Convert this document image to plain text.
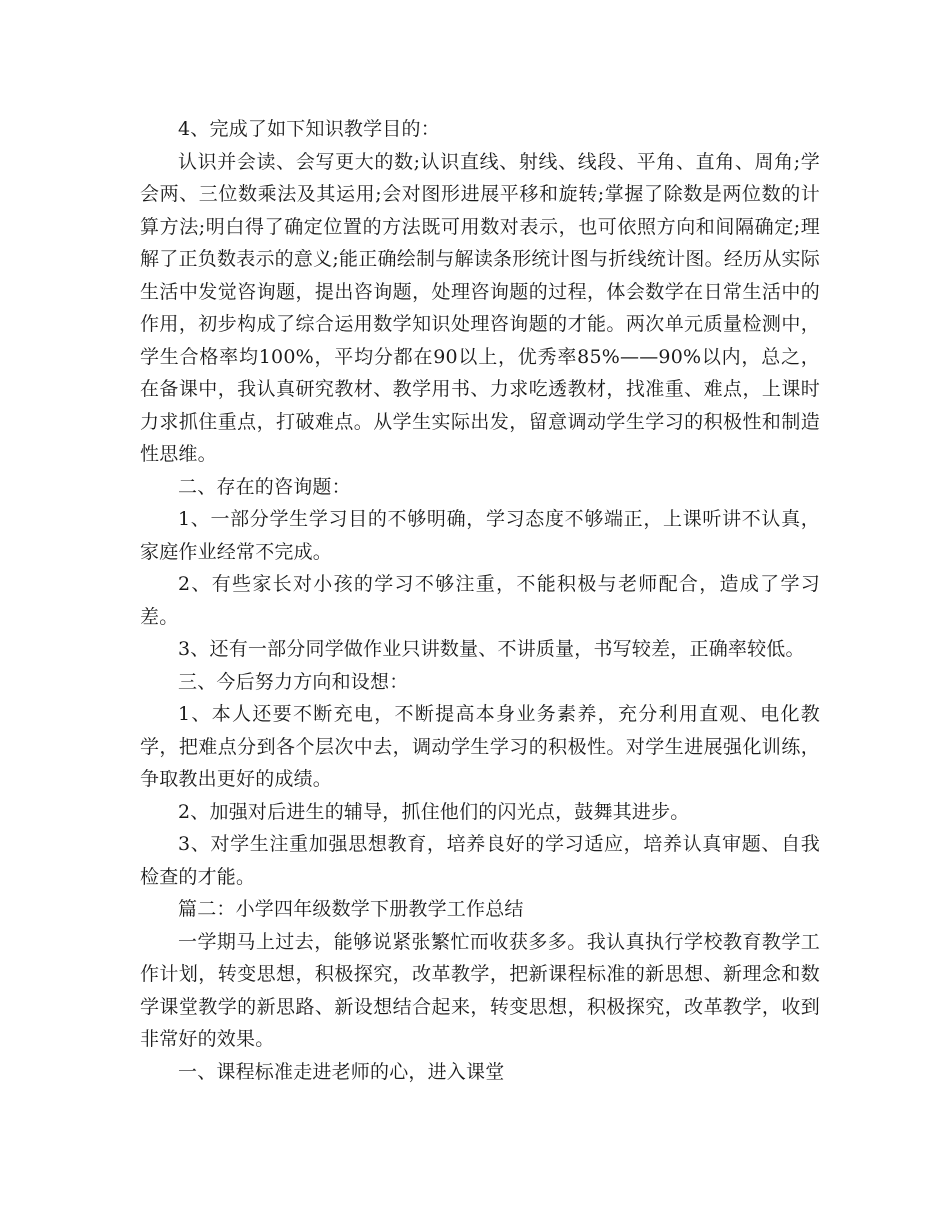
4、完成了如下知识教学目的：

认识并会读、会写更大的数;认识直线、射线、线段、平角、直角、周角;学会两、三位数乘法及其运用;会对图形进展平移和旋转;掌握了除数是两位数的计算方法;明白得了确定位置的方法既可用数对表示，也可依照方向和间隔确定;理解了正负数表示的意义;能正确绘制与解读条形统计图与折线统计图。经历从实际生活中发觉咨询题，提出咨询题，处理咨询题的过程，体会数学在日常生活中的作用，初步构成了综合运用数学知识处理咨询题的才能。两次单元质量检测中，学生合格率均100%，平均分都在90以上，优秀率85%——90%以内，总之，在备课中，我认真研究教材、教学用书、力求吃透教材，找准重、难点，上课时力求抓住重点，打破难点。从学生实际出发，留意调动学生学习的积极性和制造性思维。

二、存在的咨询题：

1、一部分学生学习目的不够明确，学习态度不够端正，上课听讲不认真，家庭作业经常不完成。

2、有些家长对小孩的学习不够注重，不能积极与老师配合，造成了学习差。

3、还有一部分同学做作业只讲数量、不讲质量，书写较差，正确率较低。

三、今后努力方向和设想：

1、本人还要不断充电，不断提高本身业务素养，充分利用直观、电化教学，把难点分到各个层次中去，调动学生学习的积极性。对学生进展强化训练，争取教出更好的成绩。

2、加强对后进生的辅导，抓住他们的闪光点，鼓舞其进步。

3、对学生注重加强思想教育，培养良好的学习适应，培养认真审题、自我检查的才能。

篇二：小学四年级数学下册教学工作总结

一学期马上过去，能够说紧张繁忙而收获多多。我认真执行学校教育教学工作计划，转变思想，积极探究，改革教学，把新课程标准的新思想、新理念和数学课堂教学的新思路、新设想结合起来，转变思想，积极探究，改革教学，收到非常好的效果。

一、课程标准走进老师的心，进入课堂
